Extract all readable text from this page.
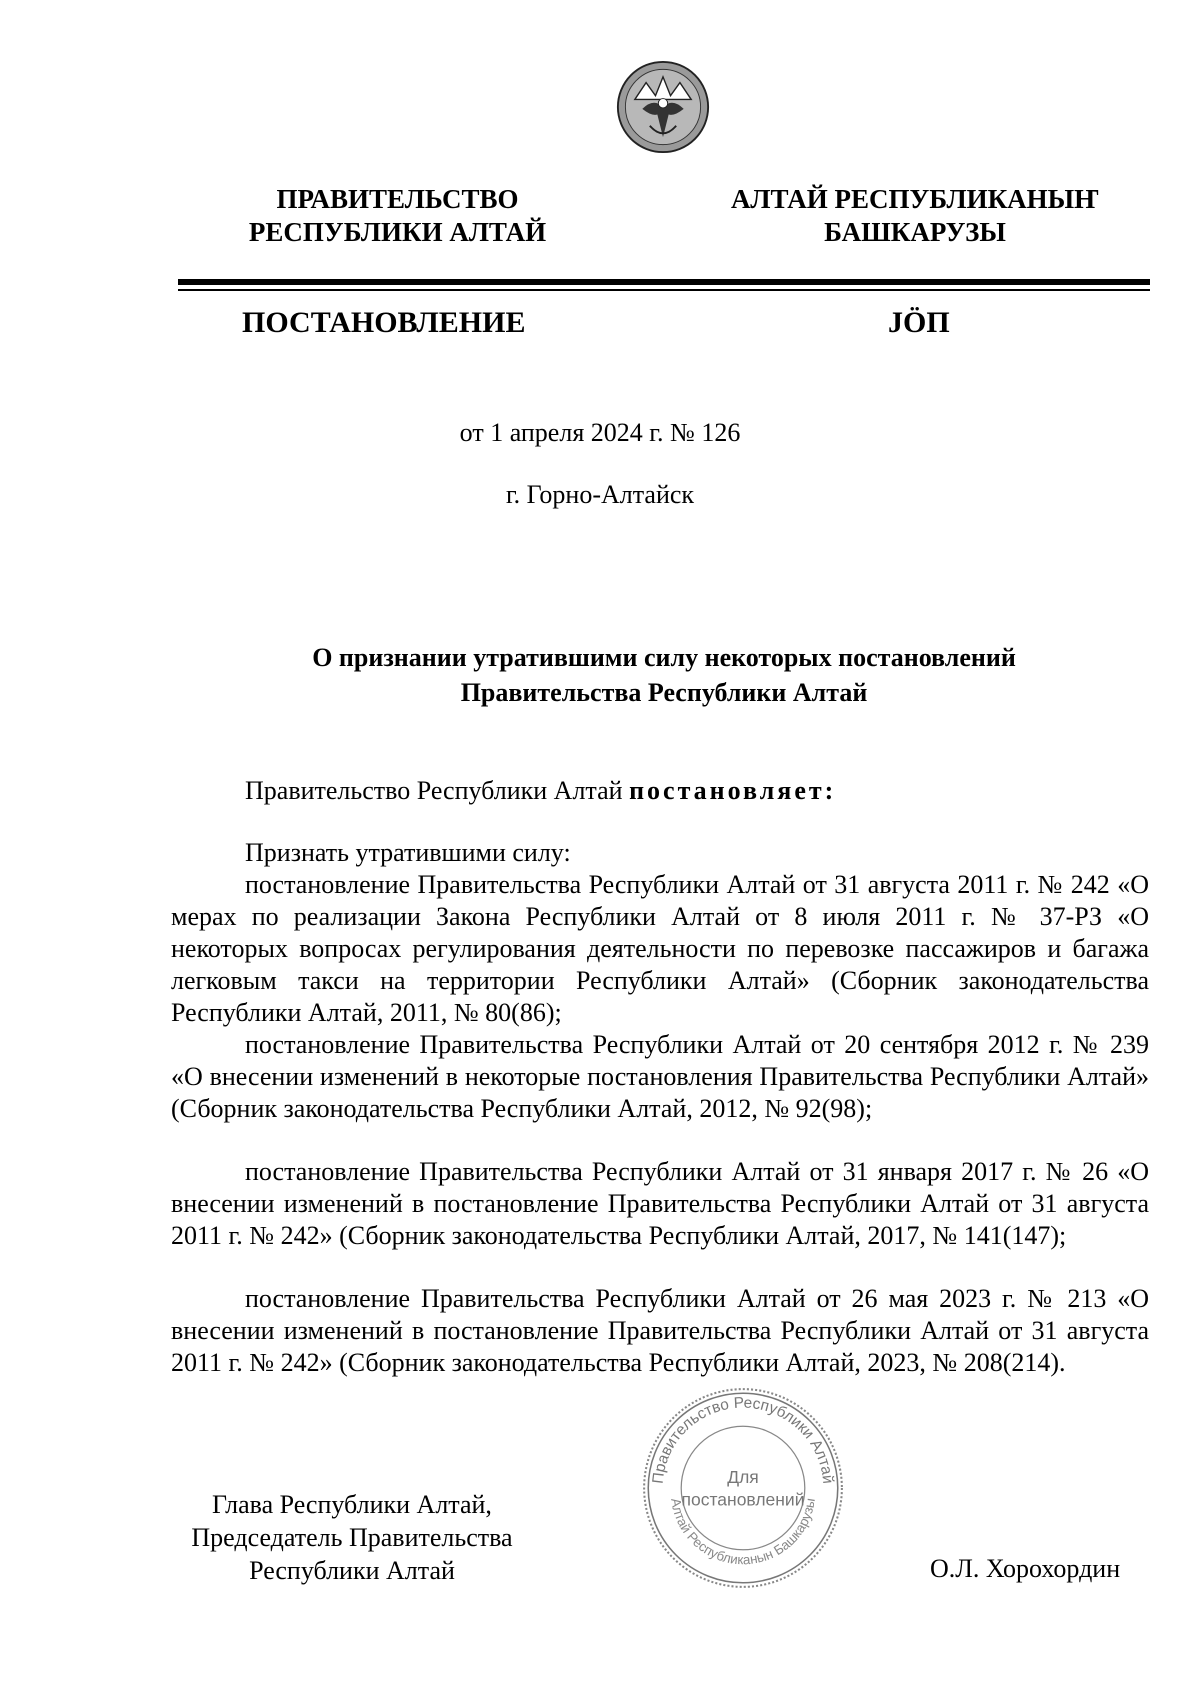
ПРАВИТЕЛЬСТВО
РЕСПУБЛИКИ АЛТАЙ
АЛТАЙ РЕСПУБЛИКАНЫҤ
БАШКАРУЗЫ
ПОСТАНОВЛЕНИЕ	JӦП
от 1 апреля 2024 г. № 126
г. Горно-Алтайск
О признании утратившими силу некоторых постановлений
Правительства Республики Алтай
Правительство Республики Алтай постановляет:
Признать утратившими силу:
постановление Правительства Республики Алтай от 31 августа 2011 г. № 242 «О мерах по реализации Закона Республики Алтай от 8 июля 2011 г. № 37-РЗ «О некоторых вопросах регулирования деятельности по перевозке пассажиров и багажа легковым такси на территории Республики Алтай» (Сборник законодательства Республики Алтай, 2011, № 80(86);
постановление Правительства Республики Алтай от 20 сентября 2012 г. № 239 «О внесении изменений в некоторые постановления Правительства Республики Алтай» (Сборник законодательства Республики Алтай, 2012, № 92(98);
постановление Правительства Республики Алтай от 31 января 2017 г. № 26 «О внесении изменений в постановление Правительства Республики Алтай от 31 августа 2011 г. № 242» (Сборник законодательства Республики Алтай, 2017, № 141(147);
постановление Правительства Республики Алтай от 26 мая 2023 г. № 213 «О внесении изменений в постановление Правительства Республики Алтай от 31 августа 2011 г. № 242» (Сборник законодательства Республики Алтай, 2023, № 208(214).
Глава Республики Алтай,
Председатель Правительства
Республики Алтай
Правительство Республики Алтай
Алтай Республиканын Башкарузы
Для
постановлений
О.Л. Хорохордин
